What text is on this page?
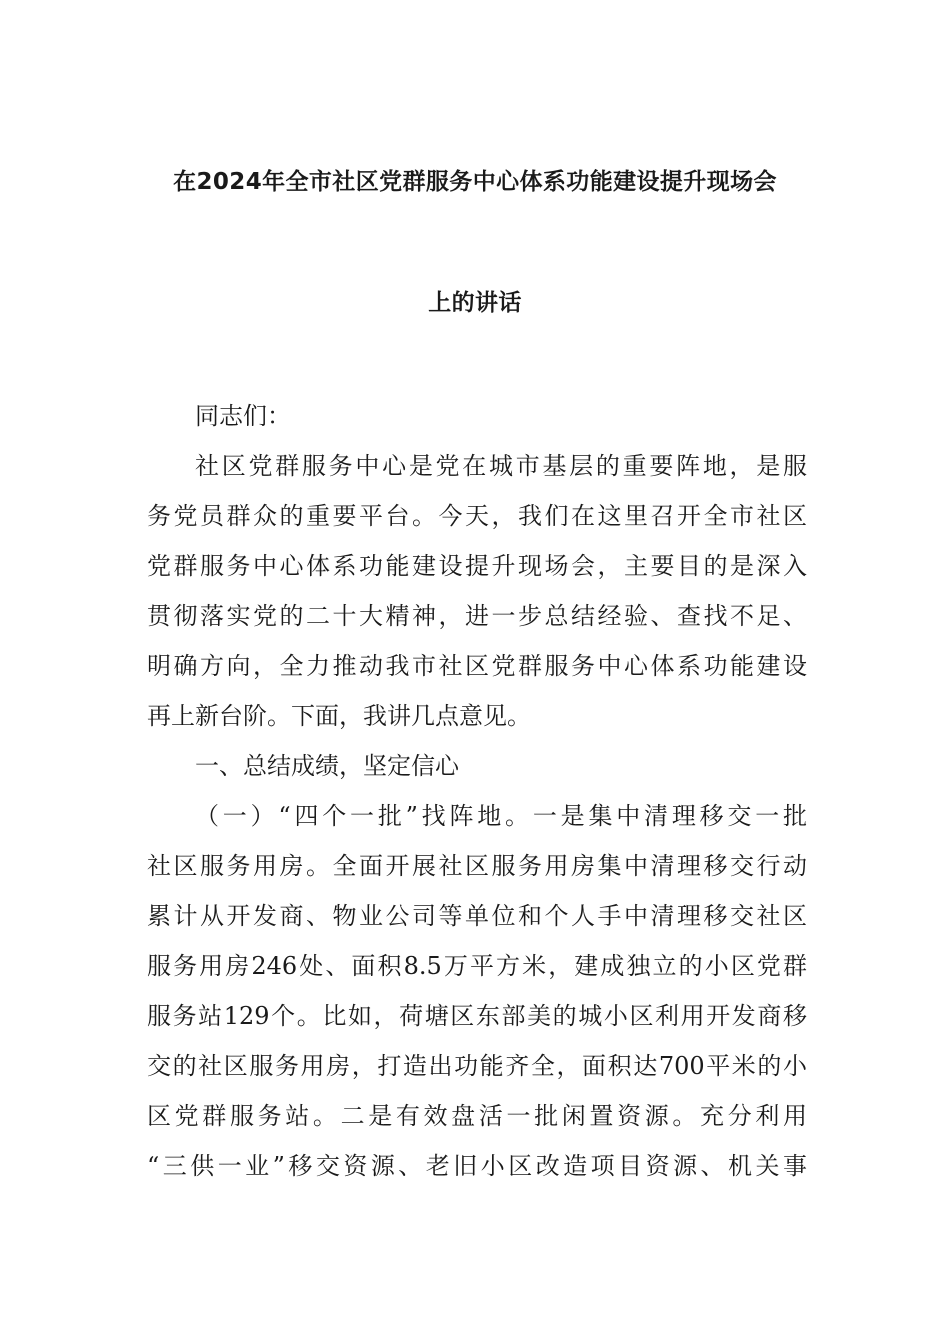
在2024年全市社区党群服务中心体系功能建设提升现场会
上的讲话
同志们：
社区党群服务中心是党在城市基层的重要阵地，是服
务党员群众的重要平台。今天，我们在这里召开全市社区
党群服务中心体系功能建设提升现场会，主要目的是深入
贯彻落实党的二十大精神，进一步总结经验、查找不足、
明确方向，全力推动我市社区党群服务中心体系功能建设
再上新台阶。下面，我讲几点意见。
一、总结成绩，坚定信心
（一）“四个一批”找阵地。一是集中清理移交一批
社区服务用房。全面开展社区服务用房集中清理移交行动
累计从开发商、物业公司等单位和个人手中清理移交社区
服务用房246处、面积8.5万平方米，建成独立的小区党群
服务站129个。比如，荷塘区东部美的城小区利用开发商移
交的社区服务用房，打造出功能齐全，面积达700平米的小
区党群服务站。二是有效盘活一批闲置资源。充分利用
“三供一业”移交资源、老旧小区改造项目资源、机关事
